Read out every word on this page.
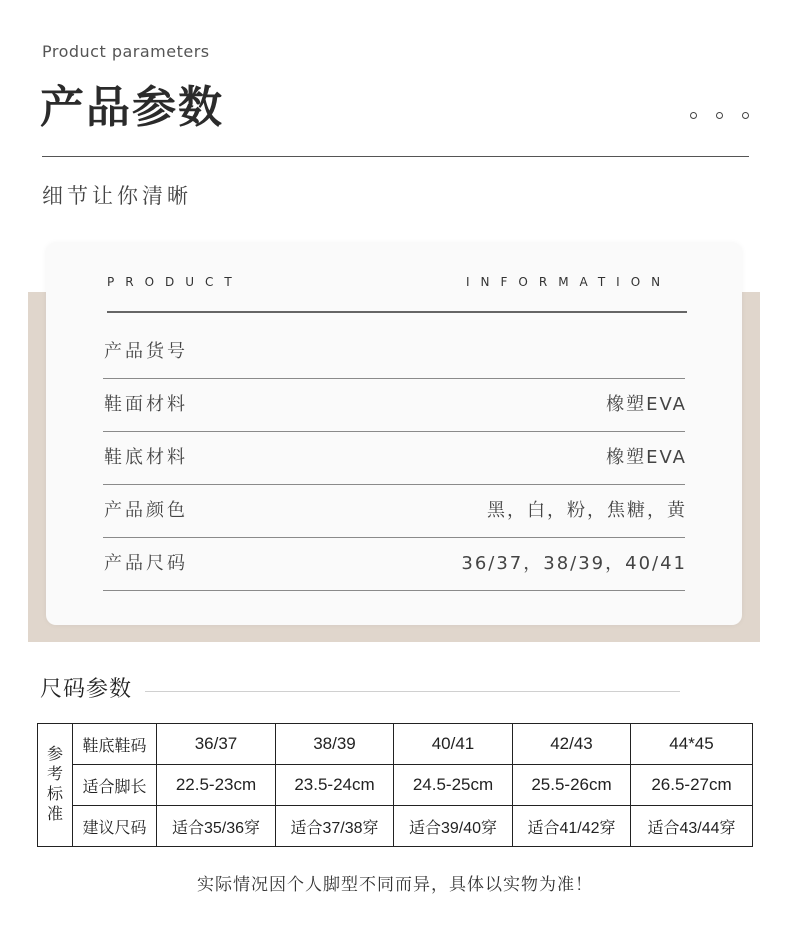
Product parameters
产品参数
细节让你清晰
PRODUCT	INFORMATION
产品货号
鞋面材料	橡塑EVA
鞋底材料	橡塑EVA
产品颜色	黑，白，粉，焦糖，黄
产品尺码	36/37，38/39，40/41
尺码参数
参
考
标
准	鞋底鞋码	36/37	38/39	40/41	42/43	44*45
	适合脚长	22.5-23cm	23.5-24cm	24.5-25cm	25.5-26cm	26.5-27cm
	建议尺码	适合35/36穿	适合37/38穿	适合39/40穿	适合41/42穿	适合43/44穿
实际情况因个人脚型不同而异，具体以实物为准！
